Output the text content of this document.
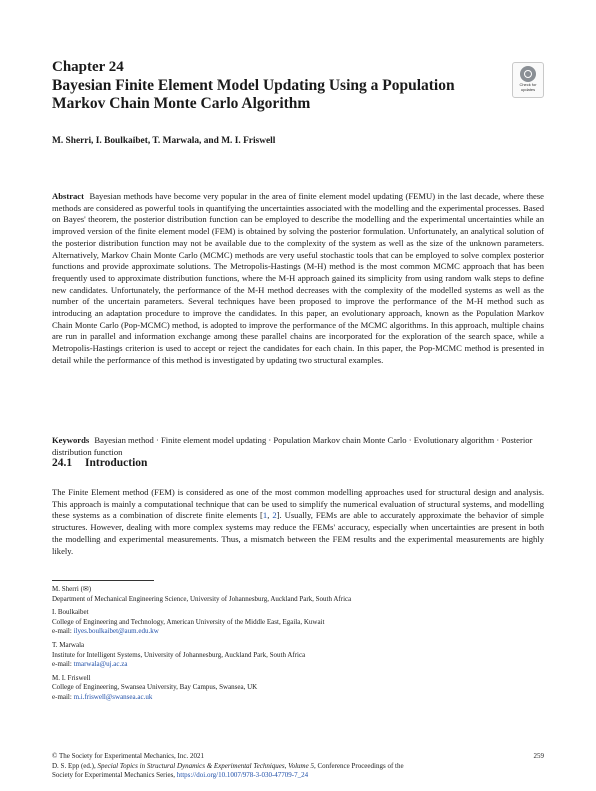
Chapter 24
Bayesian Finite Element Model Updating Using a Population
Markov Chain Monte Carlo Algorithm
Check for
updates
M. Sherri, I. Boulkaibet, T. Marwala, and M. I. Friswell
Abstract Bayesian methods have become very popular in the area of finite element model updating (FEMU) in the last decade, where these methods are considered as powerful tools in quantifying the uncertainties associated with the modelling and the experimental processes. Based on Bayes' theorem, the posterior distribution function can be employed to describe the modelling and the experimental uncertainties while an improved version of the finite element model (FEM) is obtained by solving the posterior formulation. Unfortunately, an analytical solution of the posterior distribution function may not be available due to the complexity of the system as well as the size of the unknown parameters. Alternatively, Markov Chain Monte Carlo (MCMC) methods are very useful stochastic tools that can be employed to solve complex posterior functions and provide approximate solutions. The Metropolis-Hastings (M-H) method is the most common MCMC approach that has been frequently used to approximate distribution functions, where the M-H approach gained its simplicity from using random walk steps to define new candidates. Unfortunately, the performance of the M-H method decreases with the complexity of the modelled systems as well as the number of the uncertain parameters. Several techniques have been proposed to improve the performance of the M-H method such as introducing an adaptation procedure to improve the candidates. In this paper, an evolutionary approach, known as the Population Markov Chain Monte Carlo (Pop-MCMC) method, is adopted to improve the performance of the MCMC algorithms. In this approach, multiple chains are run in parallel and information exchange among these parallel chains are incorporated for the exploration of the search space, while a Metropolis-Hastings criterion is used to accept or reject the candidates for each chain. In this paper, the Pop-MCMC method is presented in detail while the performance of this method is investigated by updating two structural examples.
Keywords Bayesian method · Finite element model updating · Population Markov chain Monte Carlo · Evolutionary algorithm · Posterior distribution function
24.1 Introduction
The Finite Element method (FEM) is considered as one of the most common modelling approaches used for structural design and analysis. This approach is mainly a computational technique that can be used to simplify the numerical evaluation of structural systems, and modelling these systems as a combination of discrete finite elements [1, 2]. Usually, FEMs are able to accurately approximate the behavior of simple structures. However, dealing with more complex systems may reduce the FEMs' accuracy, especially when uncertainties are present in both the modelling and experimental measurements. Thus, a mismatch between the FEM results and the experimental measurements are highly likely.
M. Sherri (✉)
Department of Mechanical Engineering Science, University of Johannesburg, Auckland Park, South Africa
I. Boulkaibet
College of Engineering and Technology, American University of the Middle East, Egaila, Kuwait
e-mail: ilyes.boulkaibet@aum.edu.kw
T. Marwala
Institute for Intelligent Systems, University of Johannesburg, Auckland Park, South Africa
e-mail: tmarwala@uj.ac.za
M. I. Friswell
College of Engineering, Swansea University, Bay Campus, Swansea, UK
e-mail: m.i.friswell@swansea.ac.uk
© The Society for Experimental Mechanics, Inc. 2021
D. S. Epp (ed.), Special Topics in Structural Dynamics & Experimental Techniques, Volume 5, Conference Proceedings of the
Society for Experimental Mechanics Series, https://doi.org/10.1007/978-3-030-47709-7_24
259
